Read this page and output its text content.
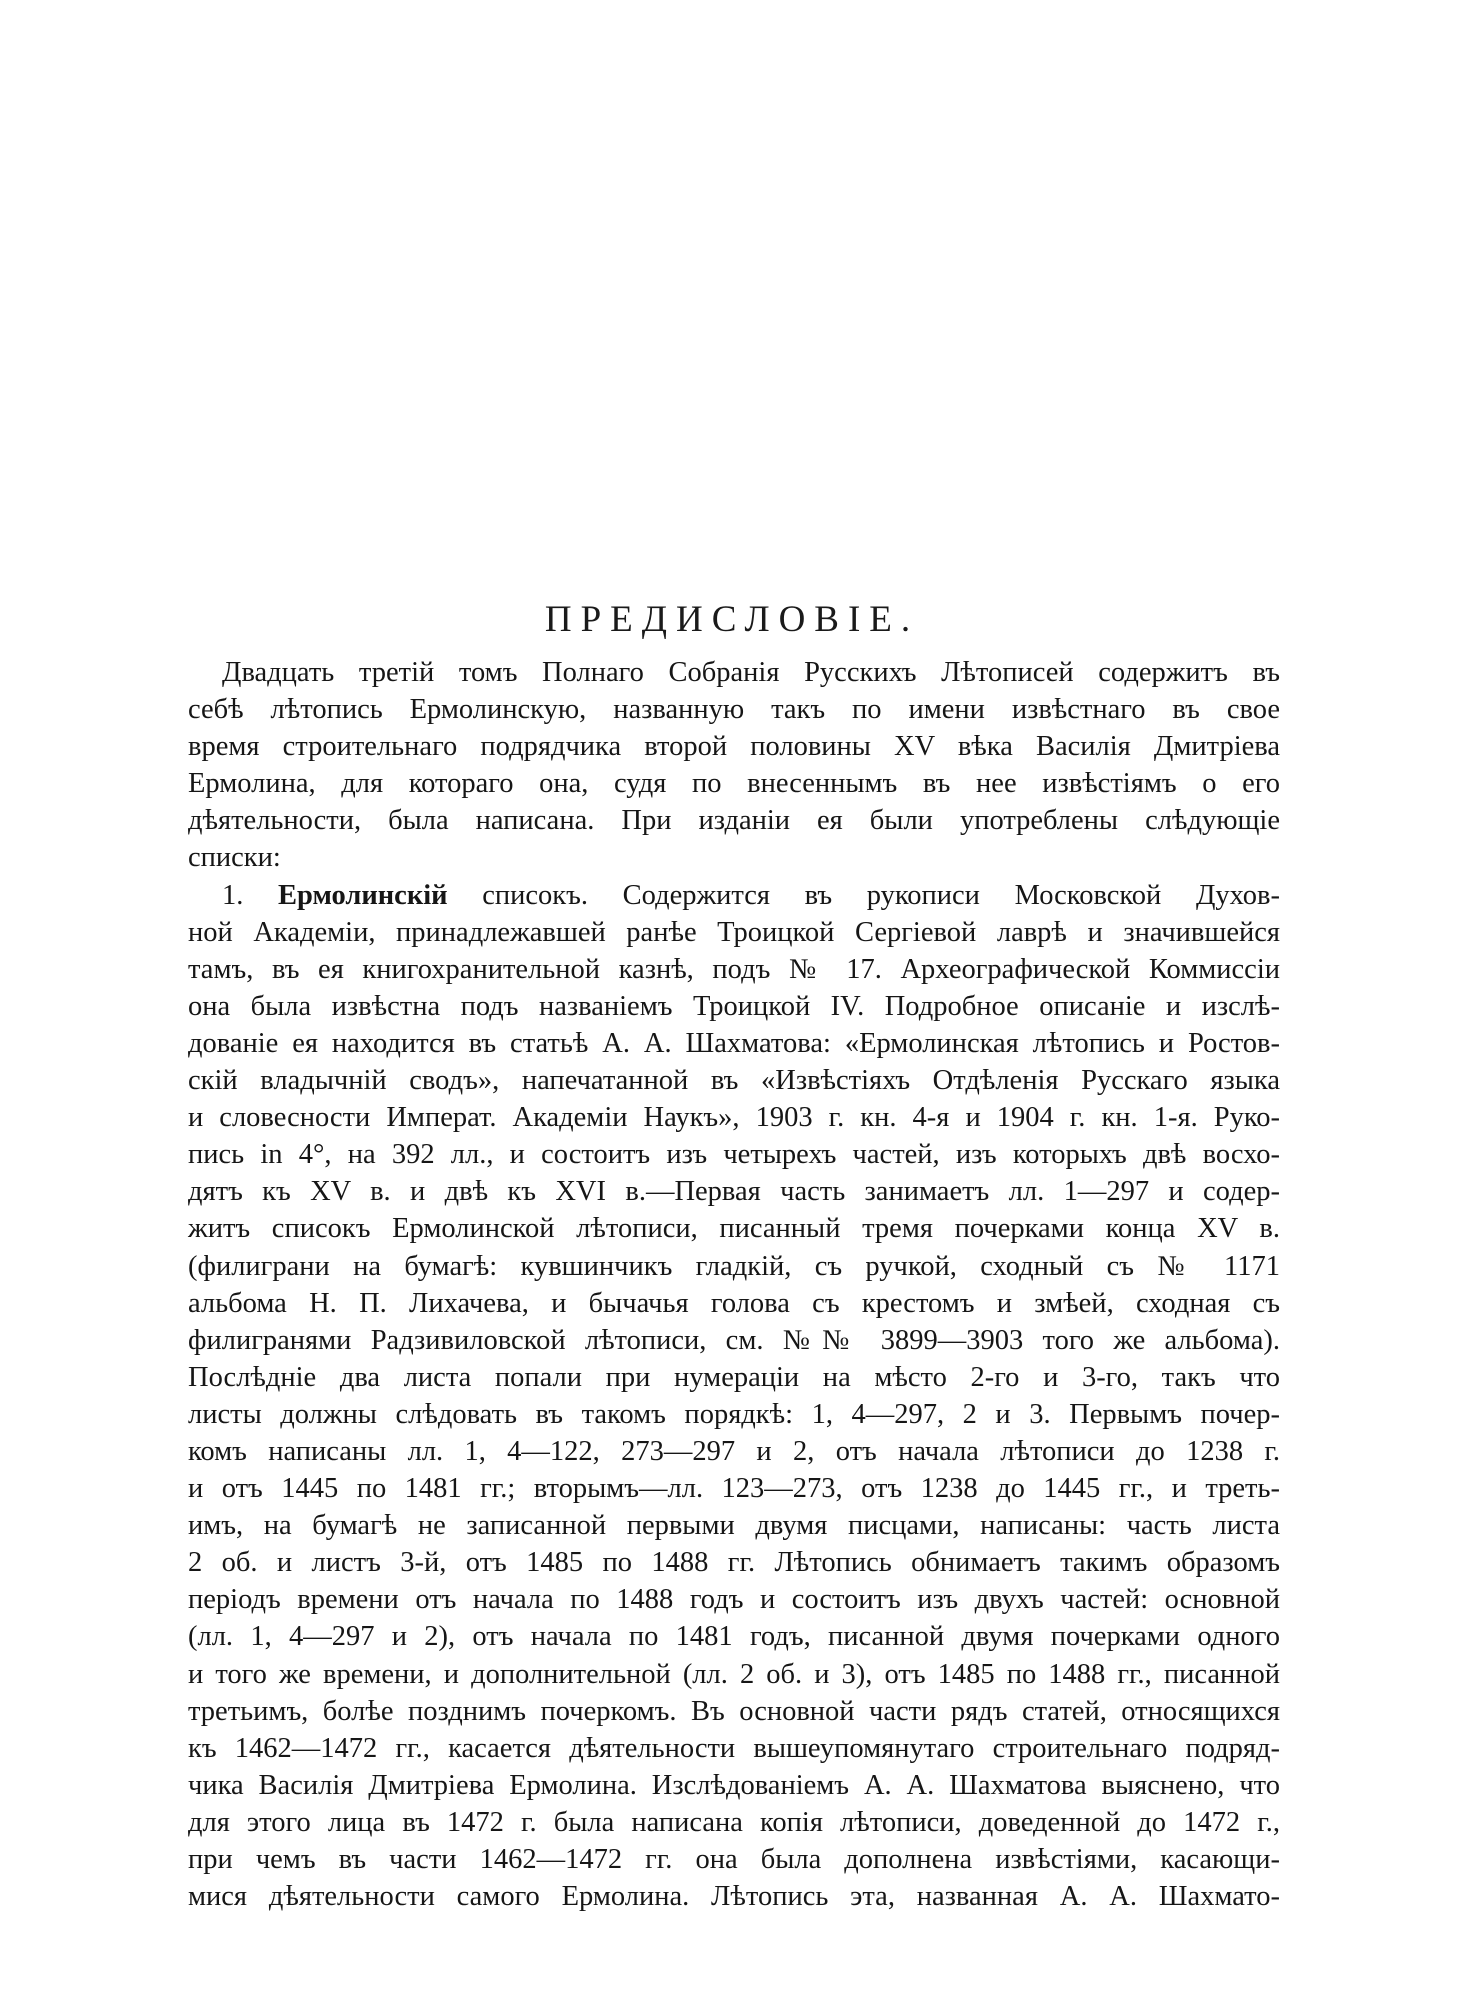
ПРЕДИСЛОВІЕ.
Двадцать третій томъ Полнаго Собранія Русскихъ Лѣтописей содержитъ въ
себѣ лѣтопись Ермолинскую, названную такъ по имени извѣстнаго въ свое
время строительнаго подрядчика второй половины XV вѣка Василія Дмитріева
Ермолина, для котораго она, судя по внесеннымъ въ нее извѣстіямъ о его
дѣятельности, была написана. При изданіи ея были употреблены слѣдующіе
списки:
1. Ермолинскій списокъ. Содержится въ рукописи Московской Духов-
ной Академіи, принадлежавшей ранѣе Троицкой Сергіевой лаврѣ и значившейся
тамъ, въ ея книгохранительной казнѣ, подъ № 17. Археографической Коммиссіи
она была извѣстна подъ названіемъ Троицкой IV. Подробное описаніе и изслѣ-
дованіе ея находится въ статьѣ А. А. Шахматова: «Ермолинская лѣтопись и Ростов-
скій владычній сводъ», напечатанной въ «Извѣстіяхъ Отдѣленія Русскаго языка
и словесности Императ. Академіи Наукъ», 1903 г. кн. 4-я и 1904 г. кн. 1-я. Руко-
пись in 4°, на 392 лл., и состоитъ изъ четырехъ частей, изъ которыхъ двѣ восхо-
дятъ къ XV в. и двѣ къ XVI в.—Первая часть занимаетъ лл. 1—297 и содер-
житъ списокъ Ермолинской лѣтописи, писанный тремя почерками конца XV в.
(филиграни на бумагѣ: кувшинчикъ гладкій, съ ручкой, сходный съ № 1171
альбома Н. П. Лихачева, и бычачья голова съ крестомъ и змѣей, сходная съ
филигранями Радзивиловской лѣтописи, см. №№ 3899—3903 того же альбома).
Послѣдніе два листа попали при нумераціи на мѣсто 2-го и 3-го, такъ что
листы должны слѣдовать въ такомъ порядкѣ: 1, 4—297, 2 и 3. Первымъ почер-
комъ написаны лл. 1, 4—122, 273—297 и 2, отъ начала лѣтописи до 1238 г.
и отъ 1445 по 1481 гг.; вторымъ—лл. 123—273, отъ 1238 до 1445 гг., и треть-
имъ, на бумагѣ не записанной первыми двумя писцами, написаны: часть листа
2 об. и листъ 3-й, отъ 1485 по 1488 гг. Лѣтопись обнимаетъ такимъ образомъ
періодъ времени отъ начала по 1488 годъ и состоитъ изъ двухъ частей: основной
(лл. 1, 4—297 и 2), отъ начала по 1481 годъ, писанной двумя почерками одного
и того же времени, и дополнительной (лл. 2 об. и 3), отъ 1485 по 1488 гг., писанной
третьимъ, болѣе позднимъ почеркомъ. Въ основной части рядъ статей, относящихся
къ 1462—1472 гг., касается дѣятельности вышеупомянутаго строительнаго подряд-
чика Василія Дмитріева Ермолина. Изслѣдованіемъ А. А. Шахматова выяснено, что
для этого лица въ 1472 г. была написана копія лѣтописи, доведенной до 1472 г.,
при чемъ въ части 1462—1472 гг. она была дополнена извѣстіями, касающи-
мися дѣятельности самого Ермолина. Лѣтопись эта, названная А. А. Шахмато-
